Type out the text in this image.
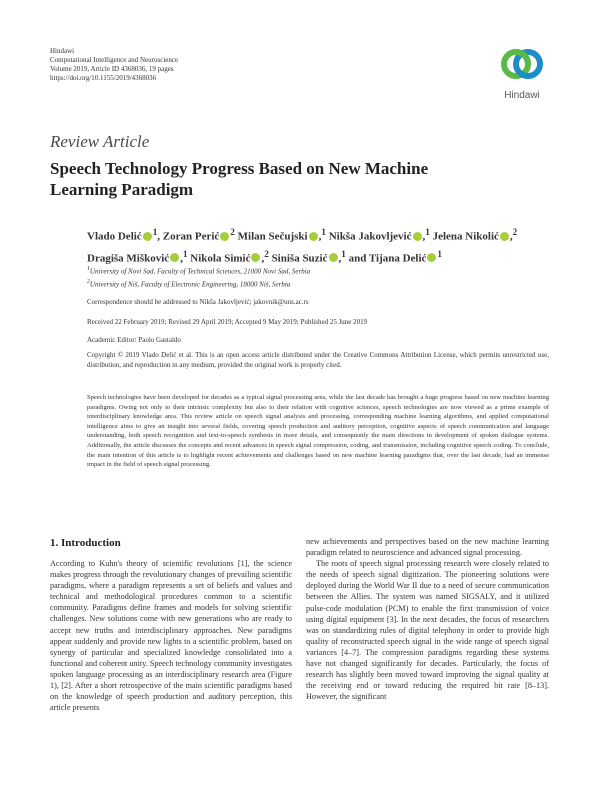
Hindawi
Computational Intelligence and Neuroscience
Volume 2019, Article ID 4368036, 19 pages
https://doi.org/10.1155/2019/4368036
Hindawi
Review Article
Speech Technology Progress Based on New Machine Learning Paradigm
Vlado Delić $^1$, Zoran Perić $^2$ Milan Sečujski ,$^1$ Nikša Jakovljević ,$^1$ Jelena Nikolić ,$^2$ Dragiša Mišković ,$^1$ Nikola Simić ,$^2$ Siniša Suzić ,$^1$ and Tijana Delić $^1$
$^1$University of Novi Sad, Faculty of Technical Sciences, 21000 Novi Sad, Serbia
$^2$University of Niš, Faculty of Electronic Engineering, 18000 Niš, Serbia
Correspondence should be addressed to Nikša Jakovljević; jakovnik@uns.ac.rs
Received 22 February 2019; Revised 29 April 2019; Accepted 9 May 2019; Published 25 June 2019
Academic Editor: Paolo Gastaldo
Copyright © 2019 Vlado Delić et al. This is an open access article distributed under the Creative Commons Attribution License, which permits unrestricted use, distribution, and reproduction in any medium, provided the original work is properly cited.
Speech technologies have been developed for decades as a typical signal processing area, while the last decade has brought a huge progress based on new machine learning paradigms. Owing not only to their intrinsic complexity but also to their relation with cognitive sciences, speech technologies are now viewed as a prime example of interdisciplinary knowledge area. This review article on speech signal analysis and processing, corresponding machine learning algorithms, and applied computational intelligence aims to give an insight into several fields, covering speech production and auditory perception, cognitive aspects of speech communication and language understanding, both speech recognition and text-to-speech synthesis in more details, and consequently the main directions in development of spoken dialogue systems. Additionally, the article discusses the concepts and recent advances in speech signal compression, coding, and transmission, including cognitive speech coding. To conclude, the main intention of this article is to highlight recent achievements and challenges based on new machine learning paradigms that, over the last decade, had an immense impact in the field of speech signal processing.
1. Introduction

According to Kuhn's theory of scientific revolutions [1], the science makes progress through the revolutionary changes of prevailing scientific paradigms, where a paradigm represents a set of beliefs and values and technical and methodological procedures common to a scientific community. Paradigms define frames and models for solving scientific challenges. New solutions come with new generations who are ready to accept new truths and interdisciplinary approaches. New paradigms appear suddenly and provide new lights to a scientific problem, based on synergy of particular and specialized knowledge consolidated into a functional and coherent unity. Speech technology community investigates spoken language processing as an interdisciplinary research area (Figure 1), [2]. After a short retrospective of the main scientific paradigms based on the knowledge of speech production and auditory perception, this article presents

new achievements and perspectives based on the new machine learning paradigm related to neuroscience and advanced signal processing.

The roots of speech signal processing research were closely related to the needs of speech signal digitization. The pioneering solutions were deployed during the World War II due to a need of secure communication between the Allies. The system was named SIGSALY, and it utilized pulse-code modulation (PCM) to enable the first transmission of voice using digital equipment [3]. In the next decades, the focus of researchers was on standardizing rules of digital telephony in order to provide high quality of reconstructed speech signal in the wide range of speech signal variances [4–7]. The compression paradigms regarding these systems have not changed significantly for decades. Particularly, the focus of research has slightly been moved toward improving the signal quality at the receiving end or toward reducing the required bit rate [8–13]. However, the significant
